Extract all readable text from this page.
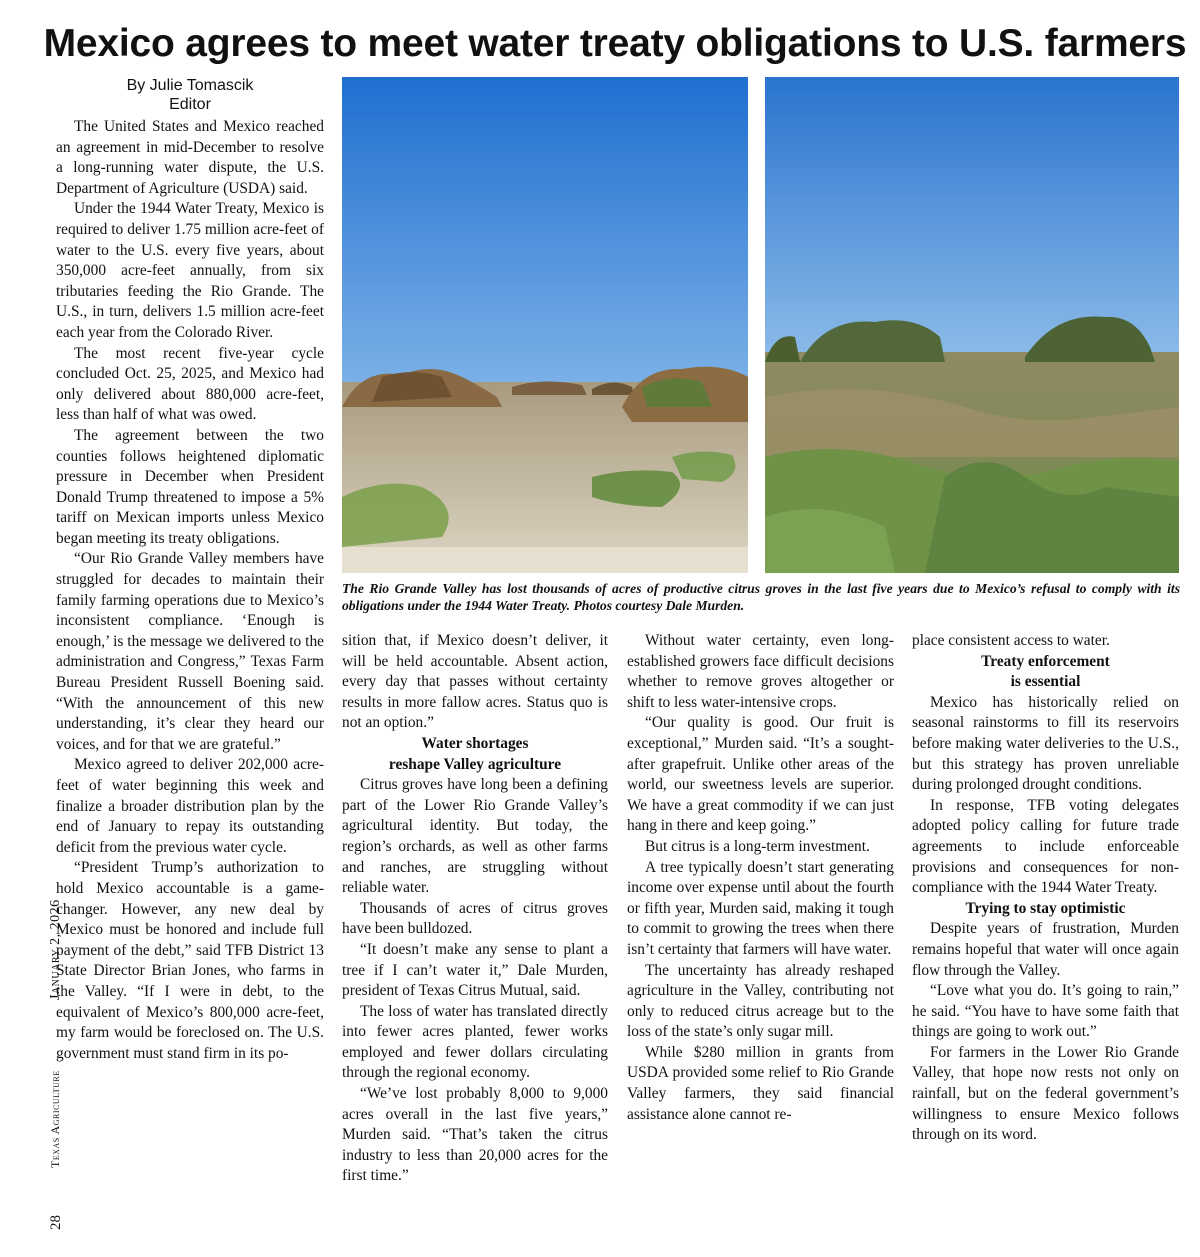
Mexico agrees to meet water treaty obligations to U.S. farmers
By Julie Tomascik
Editor

The United States and Mexico reached an agreement in mid-December to resolve a long-running water dispute, the U.S. Department of Agriculture (USDA) said.

Under the 1944 Water Treaty, Mexico is required to deliver 1.75 million acre-feet of water to the U.S. every five years, about 350,000 acre-feet annually, from six tributaries feeding the Rio Grande. The U.S., in turn, delivers 1.5 million acre-feet each year from the Colorado River.

The most recent five-year cycle concluded Oct. 25, 2025, and Mexico had only delivered about 880,000 acre-feet, less than half of what was owed.

The agreement between the two counties follows heightened diplomatic pressure in December when President Donald Trump threatened to impose a 5% tariff on Mexican imports unless Mexico began meeting its treaty obligations.

“Our Rio Grande Valley members have struggled for decades to maintain their family farming operations due to Mexico’s inconsistent compliance. ‘Enough is enough,’ is the message we delivered to the administration and Congress,” Texas Farm Bureau President Russell Boening said. “With the announcement of this new understanding, it’s clear they heard our voices, and for that we are grateful.”

Mexico agreed to deliver 202,000 acre-feet of water beginning this week and finalize a broader distribution plan by the end of January to repay its outstanding deficit from the previous water cycle.

“President Trump’s authorization to hold Mexico accountable is a game-changer. However, any new deal by Mexico must be honored and include full payment of the debt,” said TFB District 13 State Director Brian Jones, who farms in the Valley. “If I were in debt, to the equivalent of Mexico’s 800,000 acre-feet, my farm would be foreclosed on. The U.S. government must stand firm in its po-

The Rio Grande Valley has lost thousands of acres of productive citrus groves in the last five years due to Mexico’s refusal to comply with its obligations under the 1944 Water Treaty. Photos courtesy Dale Murden.

sition that, if Mexico doesn’t deliver, it will be held accountable. Absent action, every day that passes without certainty results in more fallow acres. Status quo is not an option.”

Water shortages
reshape Valley agriculture

Citrus groves have long been a defining part of the Lower Rio Grande Valley’s agricultural identity. But today, the region’s orchards, as well as other farms and ranches, are struggling without reliable water.

Thousands of acres of citrus groves have been bulldozed.

“It doesn’t make any sense to plant a tree if I can’t water it,” Dale Murden, president of Texas Citrus Mutual, said.

The loss of water has translated directly into fewer acres planted, fewer works employed and fewer dollars circulating through the regional economy.

“We’ve lost probably 8,000 to 9,000 acres overall in the last five years,” Murden said. “That’s taken the citrus industry to less than 20,000 acres for the first time.”

Without water certainty, even long-established growers face difficult decisions whether to remove groves altogether or shift to less water-intensive crops.

“Our quality is good. Our fruit is exceptional,” Murden said. “It’s a sought-after grapefruit. Unlike other areas of the world, our sweetness levels are superior. We have a great commodity if we can just hang in there and keep going.”

But citrus is a long-term investment.

A tree typically doesn’t start generating income over expense until about the fourth or fifth year, Murden said, making it tough to commit to growing the trees when there isn’t certainty that farmers will have water.

The uncertainty has already reshaped agriculture in the Valley, contributing not only to reduced citrus acreage but to the loss of the state’s only sugar mill.

While $280 million in grants from USDA provided some relief to Rio Grande Valley farmers, they said financial assistance alone cannot re-

place consistent access to water.

Treaty enforcement
is essential

Mexico has historically relied on seasonal rainstorms to fill its reservoirs before making water deliveries to the U.S., but this strategy has proven unreliable during prolonged drought conditions.

In response, TFB voting delegates adopted policy calling for future trade agreements to include enforceable provisions and consequences for non-compliance with the 1944 Water Treaty.

Trying to stay optimistic

Despite years of frustration, Murden remains hopeful that water will once again flow through the Valley.

“Love what you do. It’s going to rain,” he said. “You have to have some faith that things are going to work out.”

For farmers in the Lower Rio Grande Valley, that hope now rests not only on rainfall, but on the federal government’s willingness to ensure Mexico follows through on its word.

January 2, 2026
Texas Agriculture
28
